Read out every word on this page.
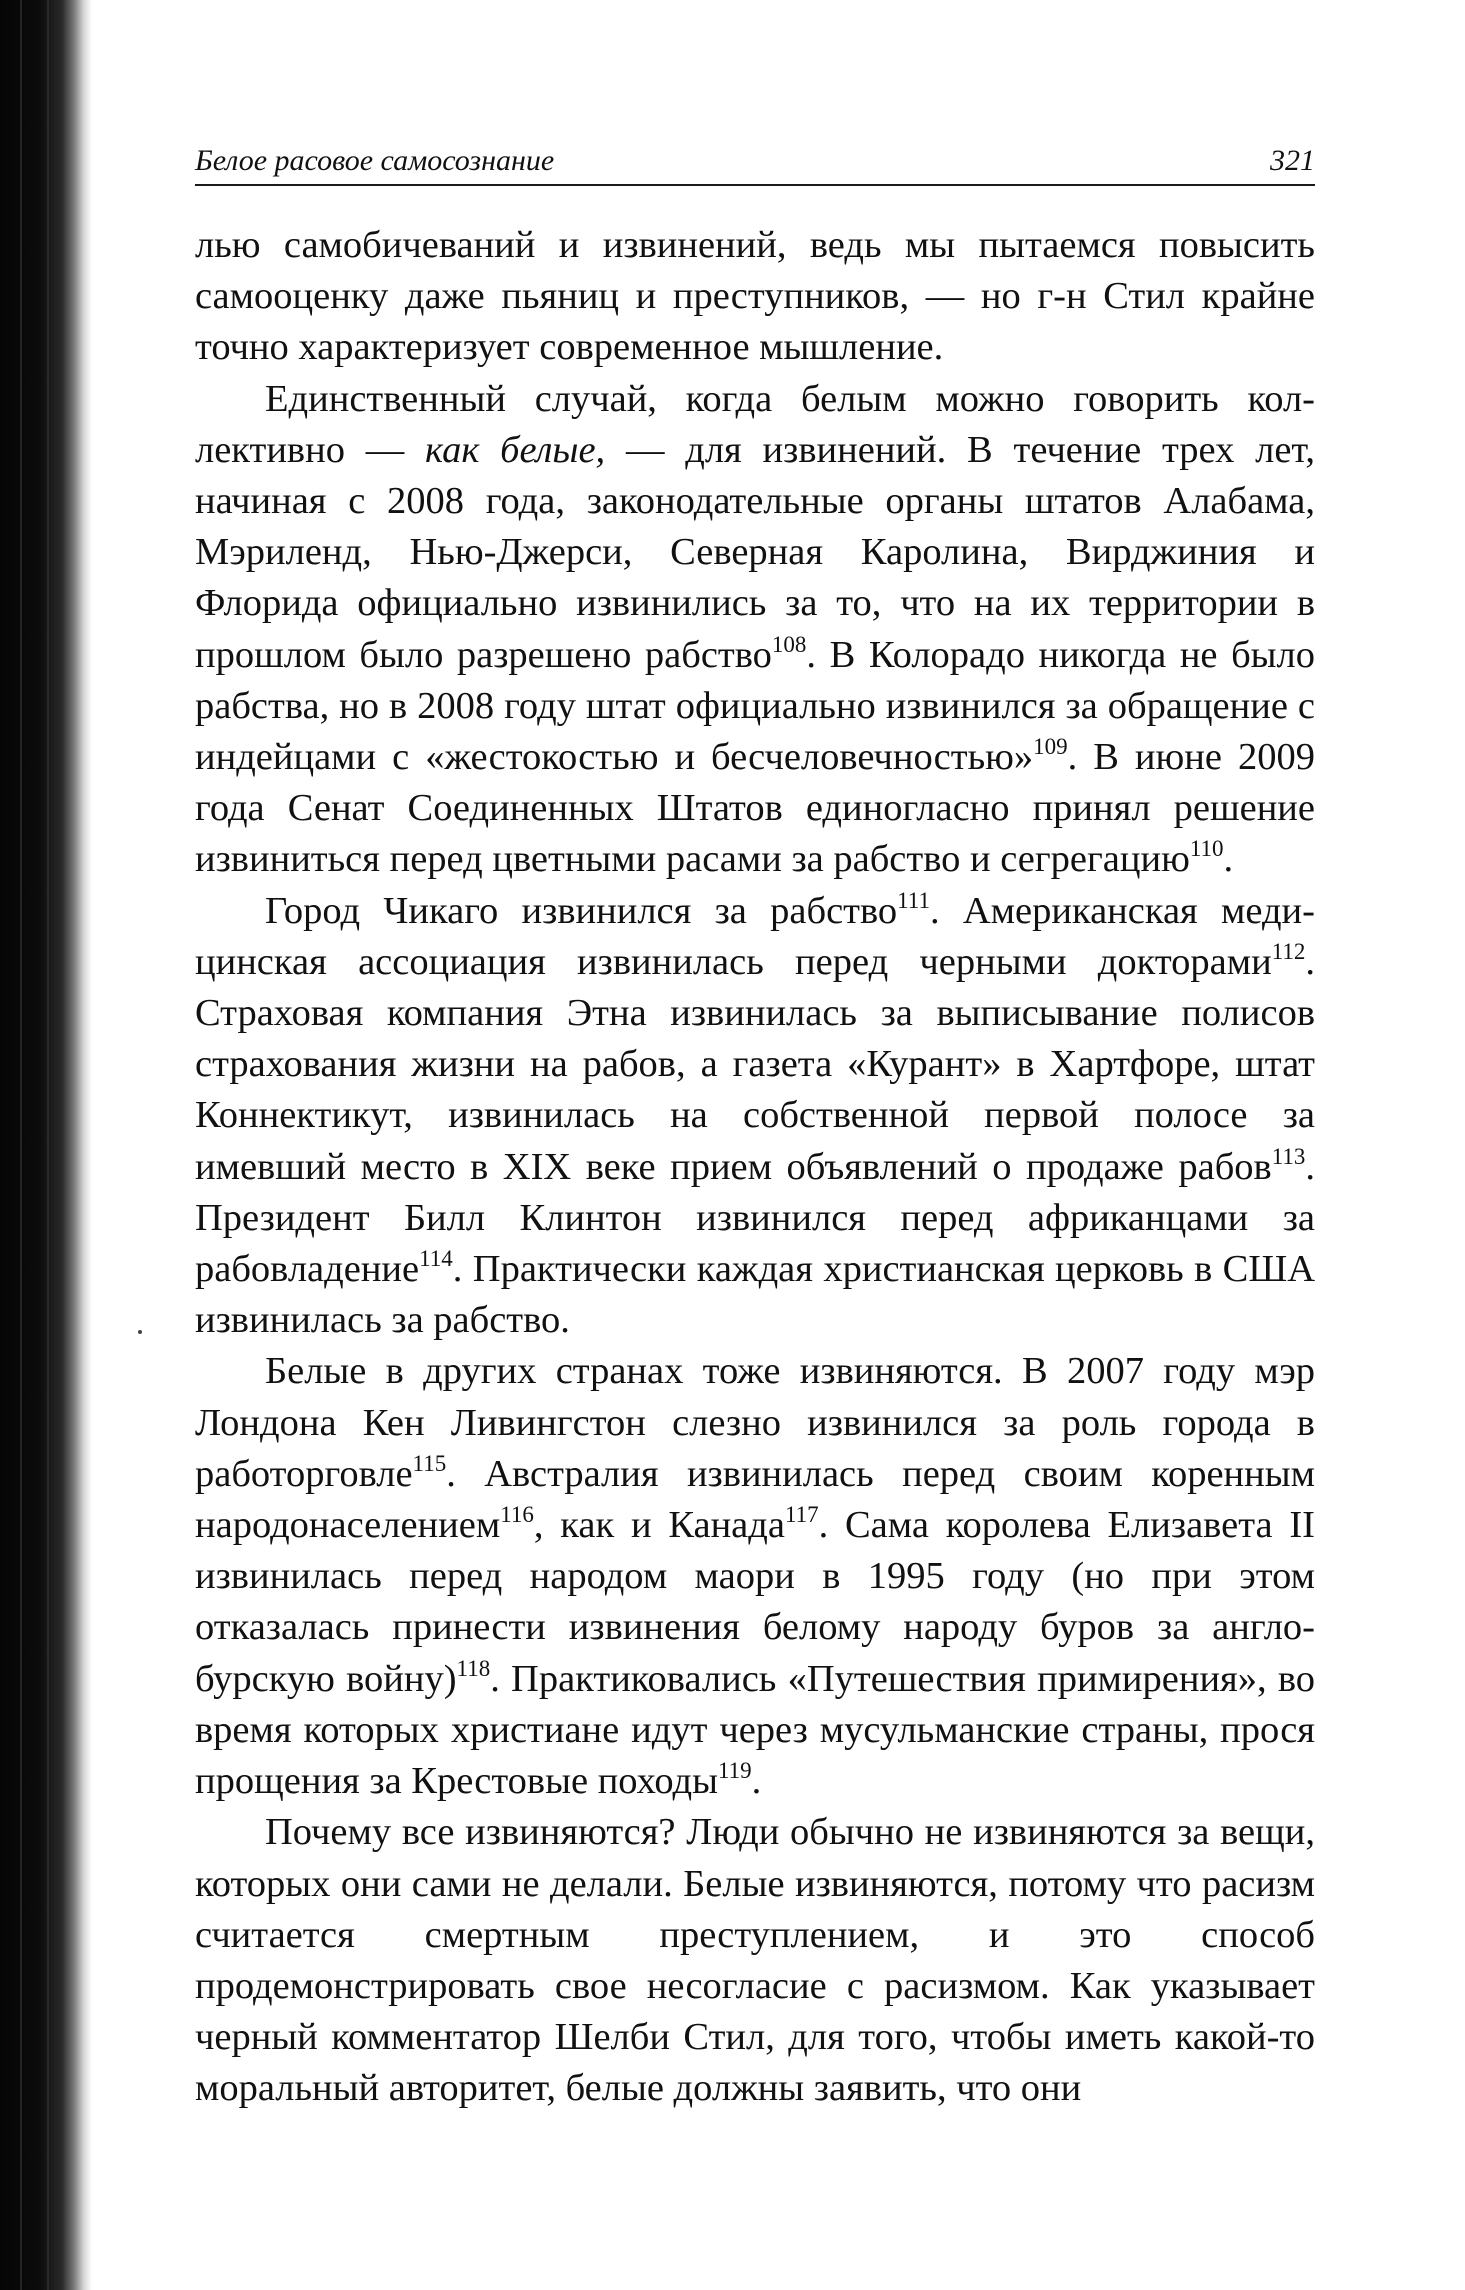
Белое расовое самосознание	321

лью самобичеваний и извинений, ведь мы пытаемся повысить самооценку даже пьяниц и преступников, — но г-н Стил крайне точно характеризует современное мышление.

Единственный случай, когда белым можно говорить коллективно — как белые, — для извинений. В течение трех лет, начиная с 2008 года, законодательные органы штатов Алабама, Мэриленд, Нью-Джерси, Северная Каролина, Вирджиния и Флорида официально извинились за то, что на их территории в прошлом было разрешено рабство$^{108}$. В Колорадо никогда не было рабства, но в 2008 году штат официально извинился за обращение с индейцами с «жестокостью и бесчеловечностью»$^{109}$. В июне 2009 года Сенат Соединенных Штатов единогласно принял решение извиниться перед цветными расами за рабство и сегрегацию$^{110}$.

Город Чикаго извинился за рабство$^{111}$. Американская медицинская ассоциация извинилась перед черными докторами$^{112}$. Страховая компания Этна извинилась за выписывание полисов страхования жизни на рабов, а газета «Курант» в Хартфоре, штат Коннектикут, извинилась на собственной первой полосе за имевший место в XIX веке прием объявлений о продаже рабов$^{113}$. Президент Билл Клинтон извинился перед африканцами за рабовладение$^{114}$. Практически каждая христианская церковь в США извинилась за рабство.

Белые в других странах тоже извиняются. В 2007 году мэр Лондона Кен Ливингстон слезно извинился за роль города в работорговле$^{115}$. Австралия извинилась перед своим коренным народонаселением$^{116}$, как и Канада$^{117}$. Сама королева Елизавета II извинилась перед народом маори в 1995 году (но при этом отказалась принести извинения белому народу буров за англобурскую войну)$^{118}$. Практиковались «Путешествия примирения», во время которых христиане идут через мусульманские страны, прося прощения за Крестовые походы$^{119}$.

Почему все извиняются? Люди обычно не извиняются за вещи, которых они сами не делали. Белые извиняются, потому что расизм считается смертным преступлением, и это способ продемонстрировать свое несогласие с расизмом. Как указывает черный комментатор Шелби Стил, для того, чтобы иметь какой-то моральный авторитет, белые должны заявить, что они
